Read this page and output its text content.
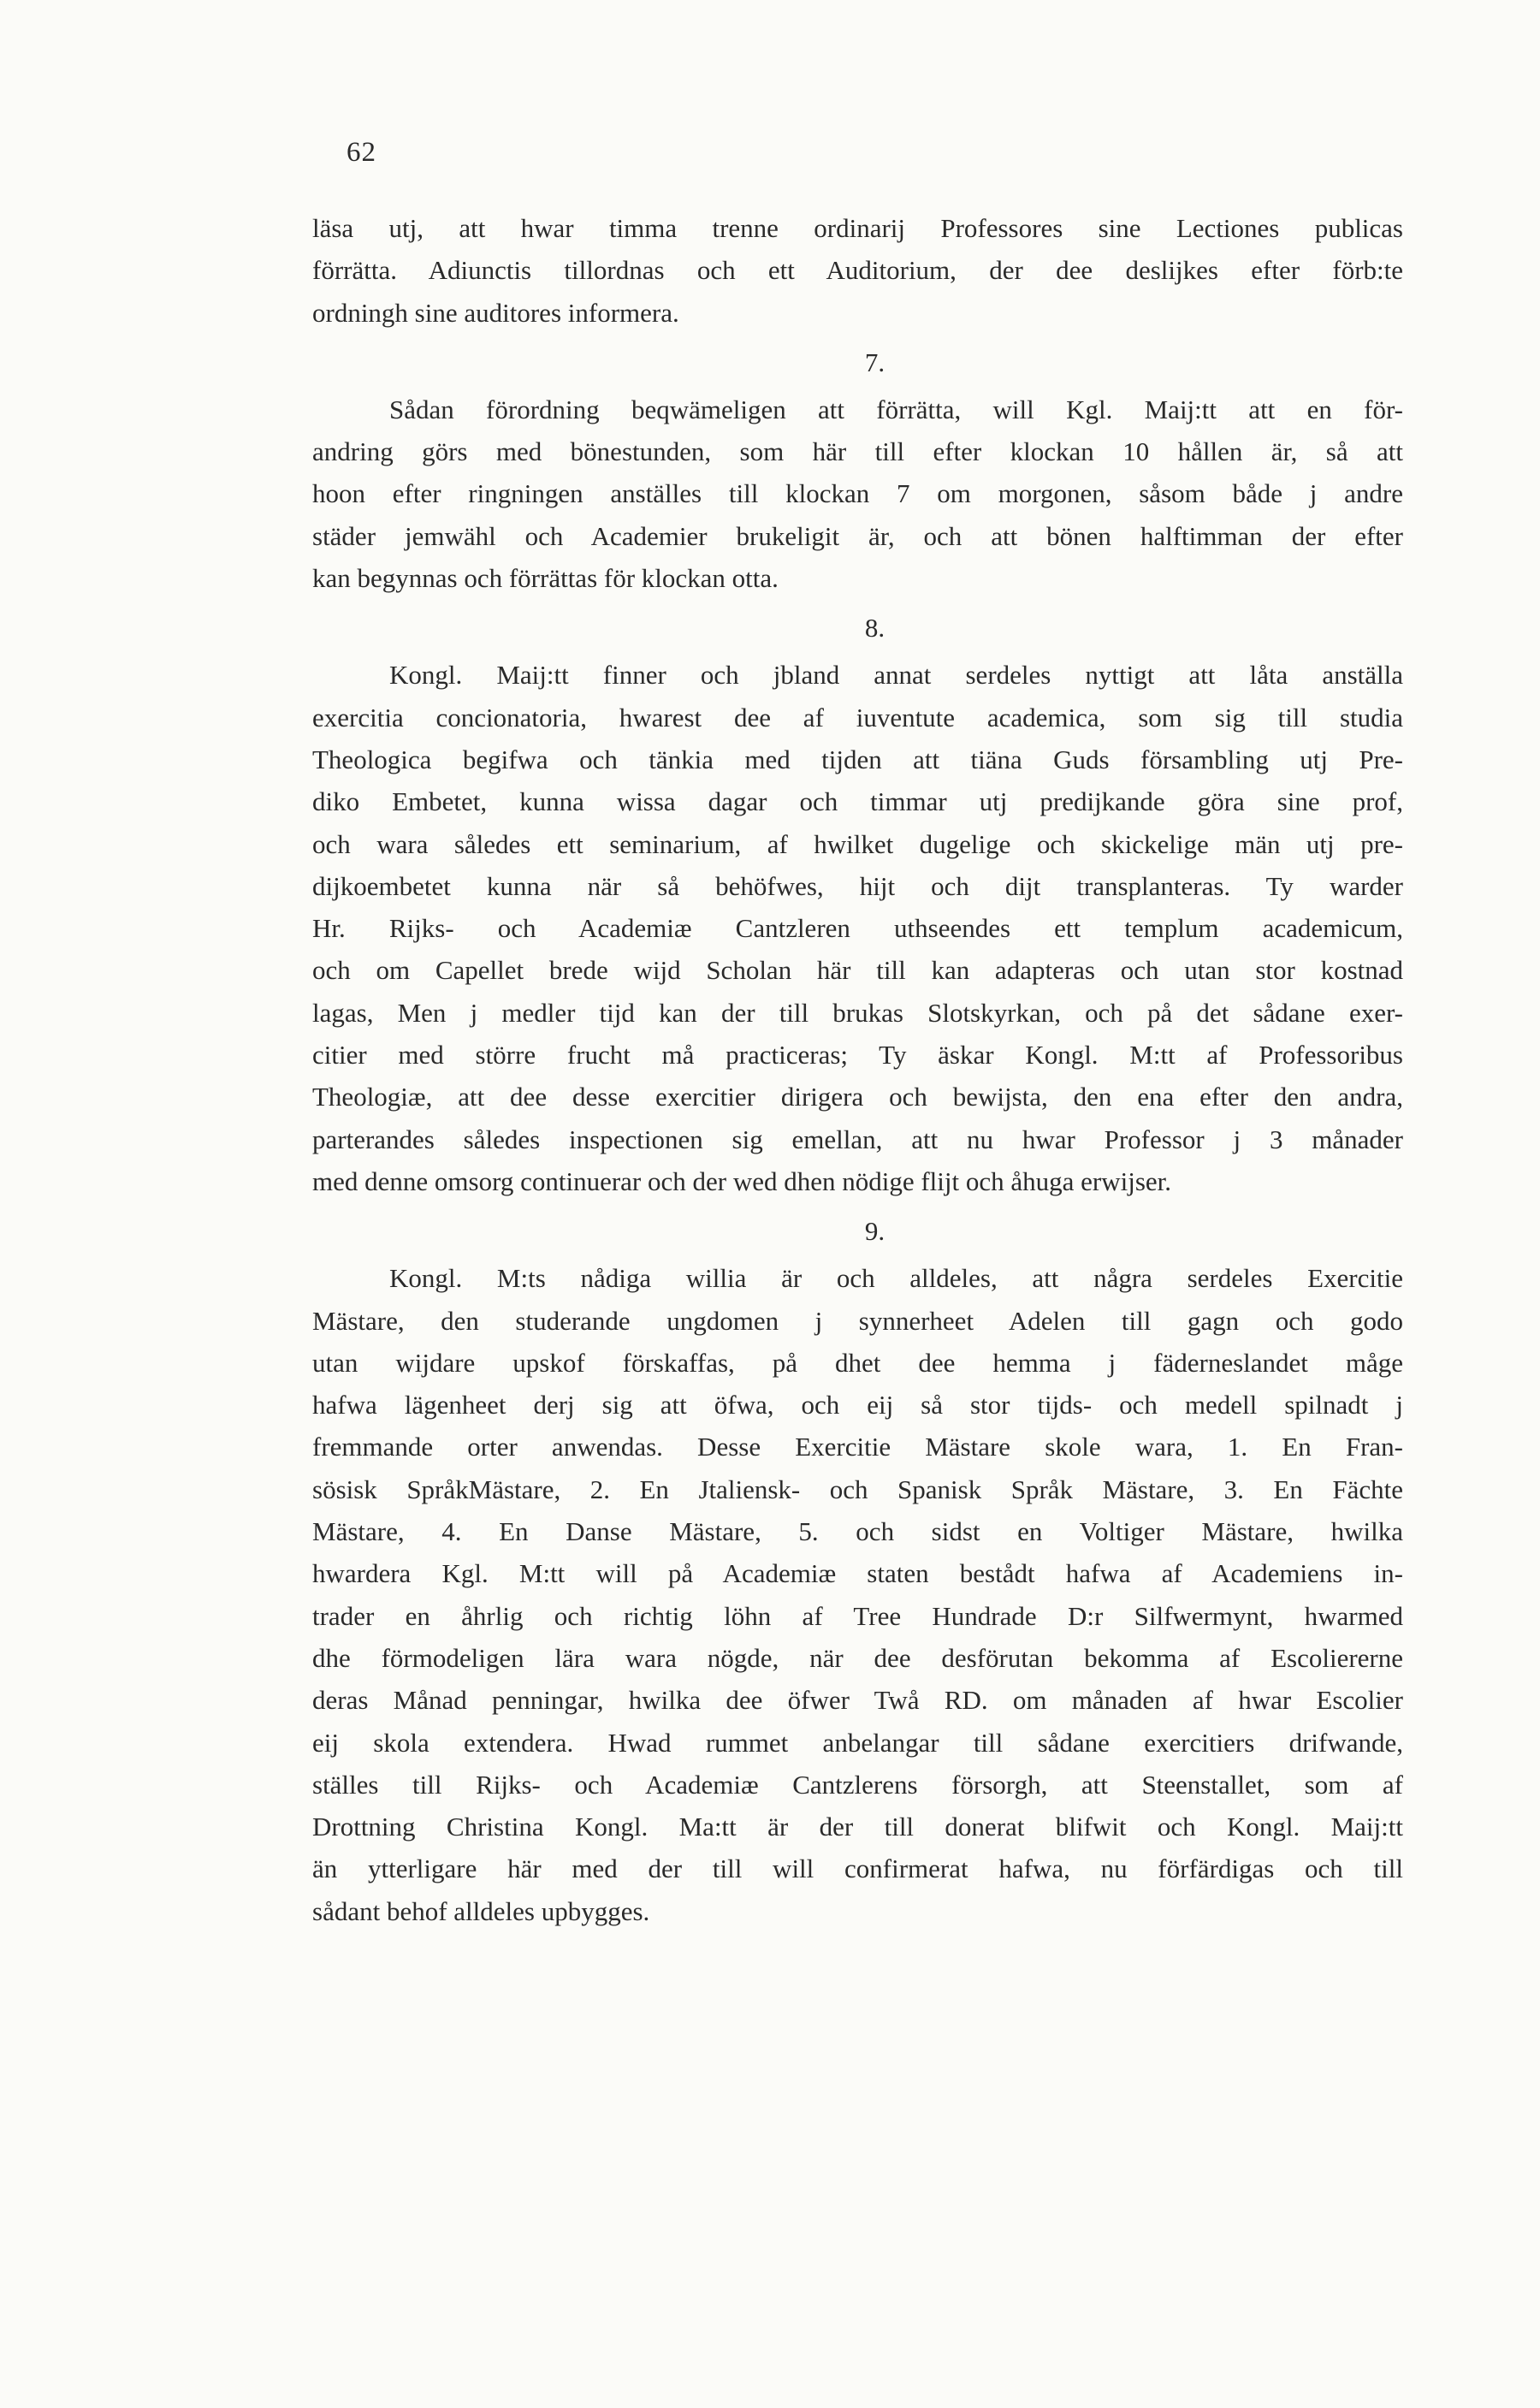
62
läsa utj, att hwar timma trenne ordinarij Professores sine Lectiones publicas
förrätta. Adiunctis tillordnas och ett Auditorium, der dee deslijkes efter förb:te
ordningh sine auditores informera.
7.
Sådan förordning beqwämeligen att förrätta, will Kgl. Maij:tt att en för-
andring görs med bönestunden, som här till efter klockan 10 hållen är, så att
hoon efter ringningen anställes till klockan 7 om morgonen, såsom både j andre
städer jemwähl och Academier brukeligit är, och att bönen halftimman der efter
kan begynnas och förrättas för klockan otta.
8.
Kongl. Maij:tt finner och jbland annat serdeles nyttigt att låta anställa
exercitia concionatoria, hwarest dee af iuventute academica, som sig till studia
Theologica begifwa och tänkia med tijden att tiäna Guds försambling utj Pre-
diko Embetet, kunna wissa dagar och timmar utj predijkande göra sine prof,
och wara således ett seminarium, af hwilket dugelige och skickelige män utj pre-
dijkoembetet kunna när så behöfwes, hijt och dijt transplanteras. Ty warder
Hr. Rijks- och Academiæ Cantzleren uthseendes ett templum academicum,
och om Capellet brede wijd Scholan här till kan adapteras och utan stor kostnad
lagas, Men j medler tijd kan der till brukas Slotskyrkan, och på det sådane exer-
citier med större frucht må practiceras; Ty äskar Kongl. M:tt af Professoribus
Theologiæ, att dee desse exercitier dirigera och bewijsta, den ena efter den andra,
parterandes således inspectionen sig emellan, att nu hwar Professor j 3 månader
med denne omsorg continuerar och der wed dhen nödige flijt och åhuga erwijser.
9.
Kongl. M:ts nådiga willia är och alldeles, att några serdeles Exercitie
Mästare, den studerande ungdomen j synnerheet Adelen till gagn och godo
utan wijdare upskof förskaffas, på dhet dee hemma j fäderneslandet måge
hafwa lägenheet derj sig att öfwa, och eij så stor tijds- och medell spilnadt j
fremmande orter anwendas. Desse Exercitie Mästare skole wara, 1. En Fran-
sösisk SpråkMästare, 2. En Jtaliensk- och Spanisk Språk Mästare, 3. En Fächte
Mästare, 4. En Danse Mästare, 5. och sidst en Voltiger Mästare, hwilka
hwardera Kgl. M:tt will på Academiæ staten bestådt hafwa af Academiens in-
trader en åhrlig och richtig löhn af Tree Hundrade D:r Silfwermynt, hwarmed
dhe förmodeligen lära wara nögde, när dee desförutan bekomma af Escoliererne
deras Månad penningar, hwilka dee öfwer Twå RD. om månaden af hwar Escolier
eij skola extendera. Hwad rummet anbelangar till sådane exercitiers drifwande,
ställes till Rijks- och Academiæ Cantzlerens försorgh, att Steenstallet, som af
Drottning Christina Kongl. Ma:tt är der till donerat blifwit och Kongl. Maij:tt
än ytterligare här med der till will confirmerat hafwa, nu förfärdigas och till
sådant behof alldeles upbygges.
